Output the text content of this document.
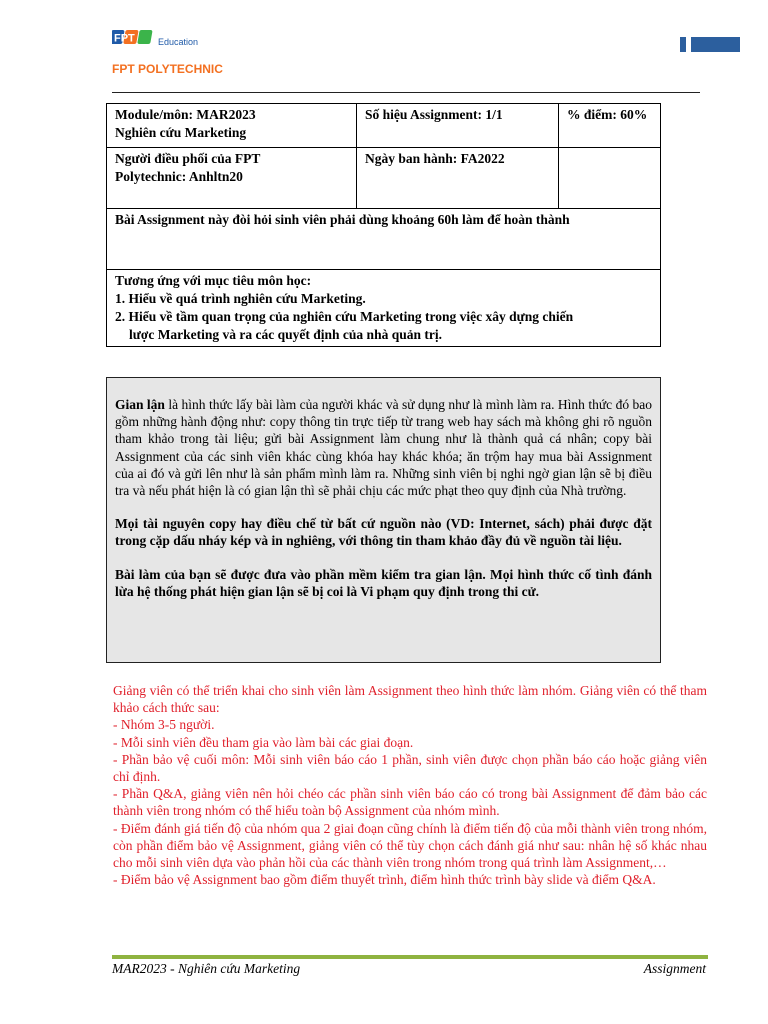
FPT	Education
FPT POLYTECHNIC
Module/môn: MAR2023
Nghiên cứu Marketing	Số hiệu Assignment: 1/1	% điểm: 60%

Người điều phối của FPT
Polytechnic: Anhltn20	Ngày ban hành: FA2022	
Bài Assignment này đòi hỏi sinh viên phải dùng khoảng 60h làm để hoàn thành		

Tương ứng với mục tiêu môn học:
1. Hiểu về quá trình nghiên cứu Marketing.
2. Hiểu về tầm quan trọng của nghiên cứu Marketing trong việc xây dựng chiến
lược Marketing và ra các quyết định của nhà quản trị.		

Gian lận là hình thức lấy bài làm của người khác và sử dụng như là mình làm ra. Hình thức đó bao gồm những hành động như: copy thông tin trực tiếp từ trang web hay sách mà không ghi rõ nguồn tham khảo trong tài liệu; gửi bài Assignment làm chung như là thành quả cá nhân; copy bài Assignment của các sinh viên khác cùng khóa hay khác khóa; ăn trộm hay mua bài Assignment của ai đó và gửi lên như là sản phẩm mình làm ra. Những sinh viên bị nghi ngờ gian lận sẽ bị điều tra và nếu phát hiện là có gian lận thì sẽ phải chịu các mức phạt theo quy định của Nhà trường.

Mọi tài nguyên copy hay điều chế từ bất cứ nguồn nào (VD: Internet, sách) phải được đặt trong cặp dấu nháy kép và in nghiêng, với thông tin tham khảo đầy đủ về nguồn tài liệu.

Bài làm của bạn sẽ được đưa vào phần mềm kiểm tra gian lận. Mọi hình thức cố tình đánh lừa hệ thống phát hiện gian lận sẽ bị coi là Vi phạm quy định trong thi cử.

Giảng viên có thể triển khai cho sinh viên làm Assignment theo hình thức làm nhóm. Giảng viên có thể tham khảo cách thức sau:

- Nhóm 3-5 người.

- Mỗi sinh viên đều tham gia vào làm bài các giai đoạn.

- Phần bảo vệ cuối môn: Mỗi sinh viên báo cáo 1 phần, sinh viên được chọn phần báo cáo hoặc giảng viên chỉ định.

- Phần Q&A, giảng viên nên hỏi chéo các phần sinh viên báo cáo có trong bài Assignment để đảm bảo các thành viên trong nhóm có thể hiểu toàn bộ Assignment của nhóm mình.

- Điểm đánh giá tiến độ của nhóm qua 2 giai đoạn cũng chính là điểm tiến độ của mỗi thành viên trong nhóm, còn phần điểm bảo vệ Assignment, giảng viên có thể tùy chọn cách đánh giá như sau: nhân hệ số khác nhau cho mỗi sinh viên dựa vào phản hồi của các thành viên trong nhóm trong quá trình làm Assignment,…

- Điểm bảo vệ Assignment bao gồm điểm thuyết trình, điểm hình thức trình bày slide và điểm Q&A.

MAR2023 - Nghiên cứu Marketing	Assignment
